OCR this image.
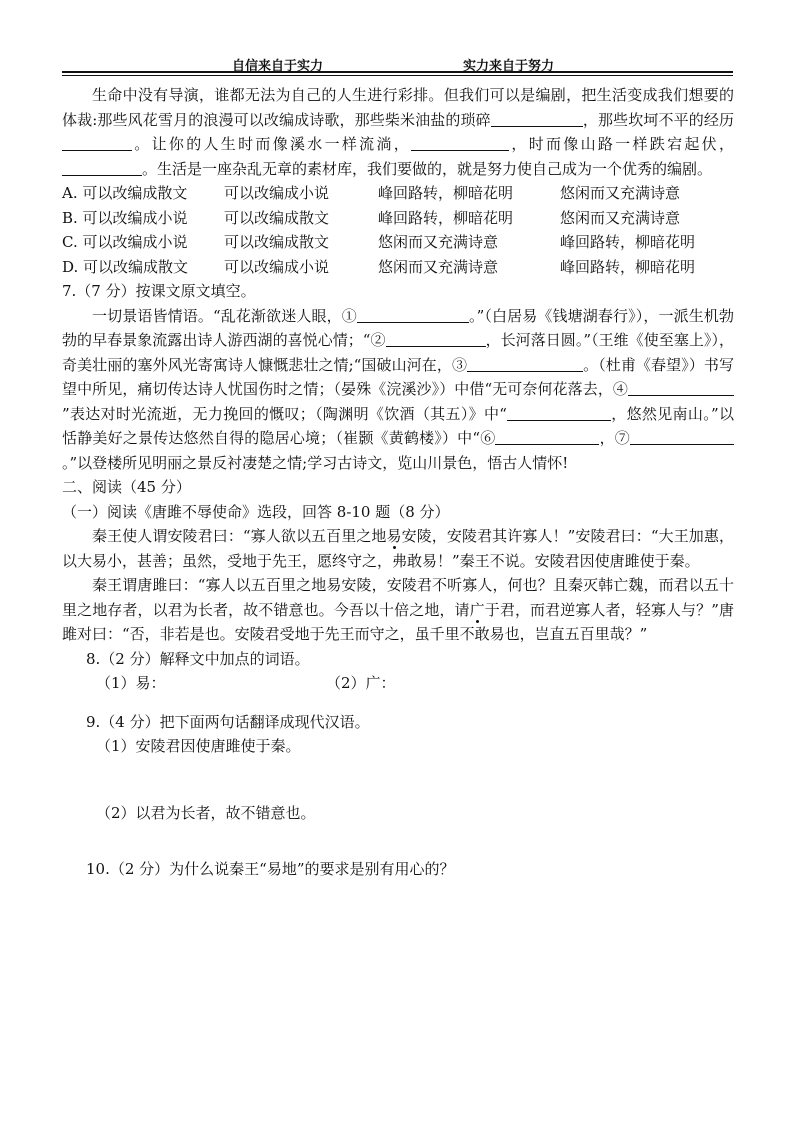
自信来自于实力	实力来自于努力

生命中没有导演，谁都无法为自己的人生进行彩排。但我们可以是编剧，把生活变成我们想要的体裁:那些风花雪月的浪漫可以改编成诗歌，那些柴米油盐的琐碎	，那些坎坷不平的经历。让你的人生时而像溪水一样流淌，	，时而像山路一样跌宕起伏，。生活是一座杂乱无章的素材库，我们要做的，就是努力使自己成为一个优秀的编剧。

A. 可以改编成散文	可以改编成小说	峰回路转，柳暗花明	悠闲而又充满诗意

B. 可以改编成小说	可以改编成散文	峰回路转，柳暗花明	悠闲而又充满诗意

C. 可以改编成小说	可以改编成散文	悠闲而又充满诗意	峰回路转，柳暗花明

D. 可以改编成散文	可以改编成小说	悠闲而又充满诗意	峰回路转，柳暗花明

7.（7 分）按课文原文填空。

一切景语皆情语。“乱花渐欲迷人眼，①	。”（白居易《钱塘湖春行》），一派生机勃勃的早春景象流露出诗人游西湖的喜悦心情；“②	，长河落日圆。”（王维《使至塞上》），奇美壮丽的塞外风光寄寓诗人慷慨悲壮之情;“国破山河在，③	。（杜甫《春望》）书写望中所见，痛切传达诗人忧国伤时之情；（晏殊《浣溪沙》）中借“无可奈何花落去，④”表达对时光流逝，无力挽回的慨叹；（陶渊明《饮酒（其五）》中“	，悠然见南山。”以恬静美好之景传达悠然自得的隐居心境；（崔颢《黄鹤楼》）中“⑥	，⑦。”以登楼所见明丽之景反衬凄楚之情;学习古诗文，览山川景色，悟古人情怀!

二、阅读（45 分）

（一）阅读《唐雎不辱使命》选段，回答 8-10 题（8 分）

秦王使人谓安陵君曰：“寡人欲以五百里之地易安陵，安陵君其许寡人！”安陵君曰：“大王加惠，以大易小，甚善；虽然，受地于先王，愿终守之，弗敢易！”秦王不说。安陵君因使唐雎使于秦。

秦王谓唐雎曰：“寡人以五百里之地易安陵，安陵君不听寡人，何也？且秦灭韩亡魏，而君以五十里之地存者，以君为长者，故不错意也。今吾以十倍之地，请广于君，而君逆寡人者，轻寡人与？”唐雎对曰：“否，非若是也。安陵君受地于先王而守之，虽千里不敢易也，岂直五百里哉？”

8.（2 分）解释文中加点的词语。

（1）易：	（2）广：

9.（4 分）把下面两句话翻译成现代汉语。

（1）安陵君因使唐雎使于秦。

（2）以君为长者，故不错意也。

10.（2 分）为什么说秦王“易地”的要求是别有用心的？
